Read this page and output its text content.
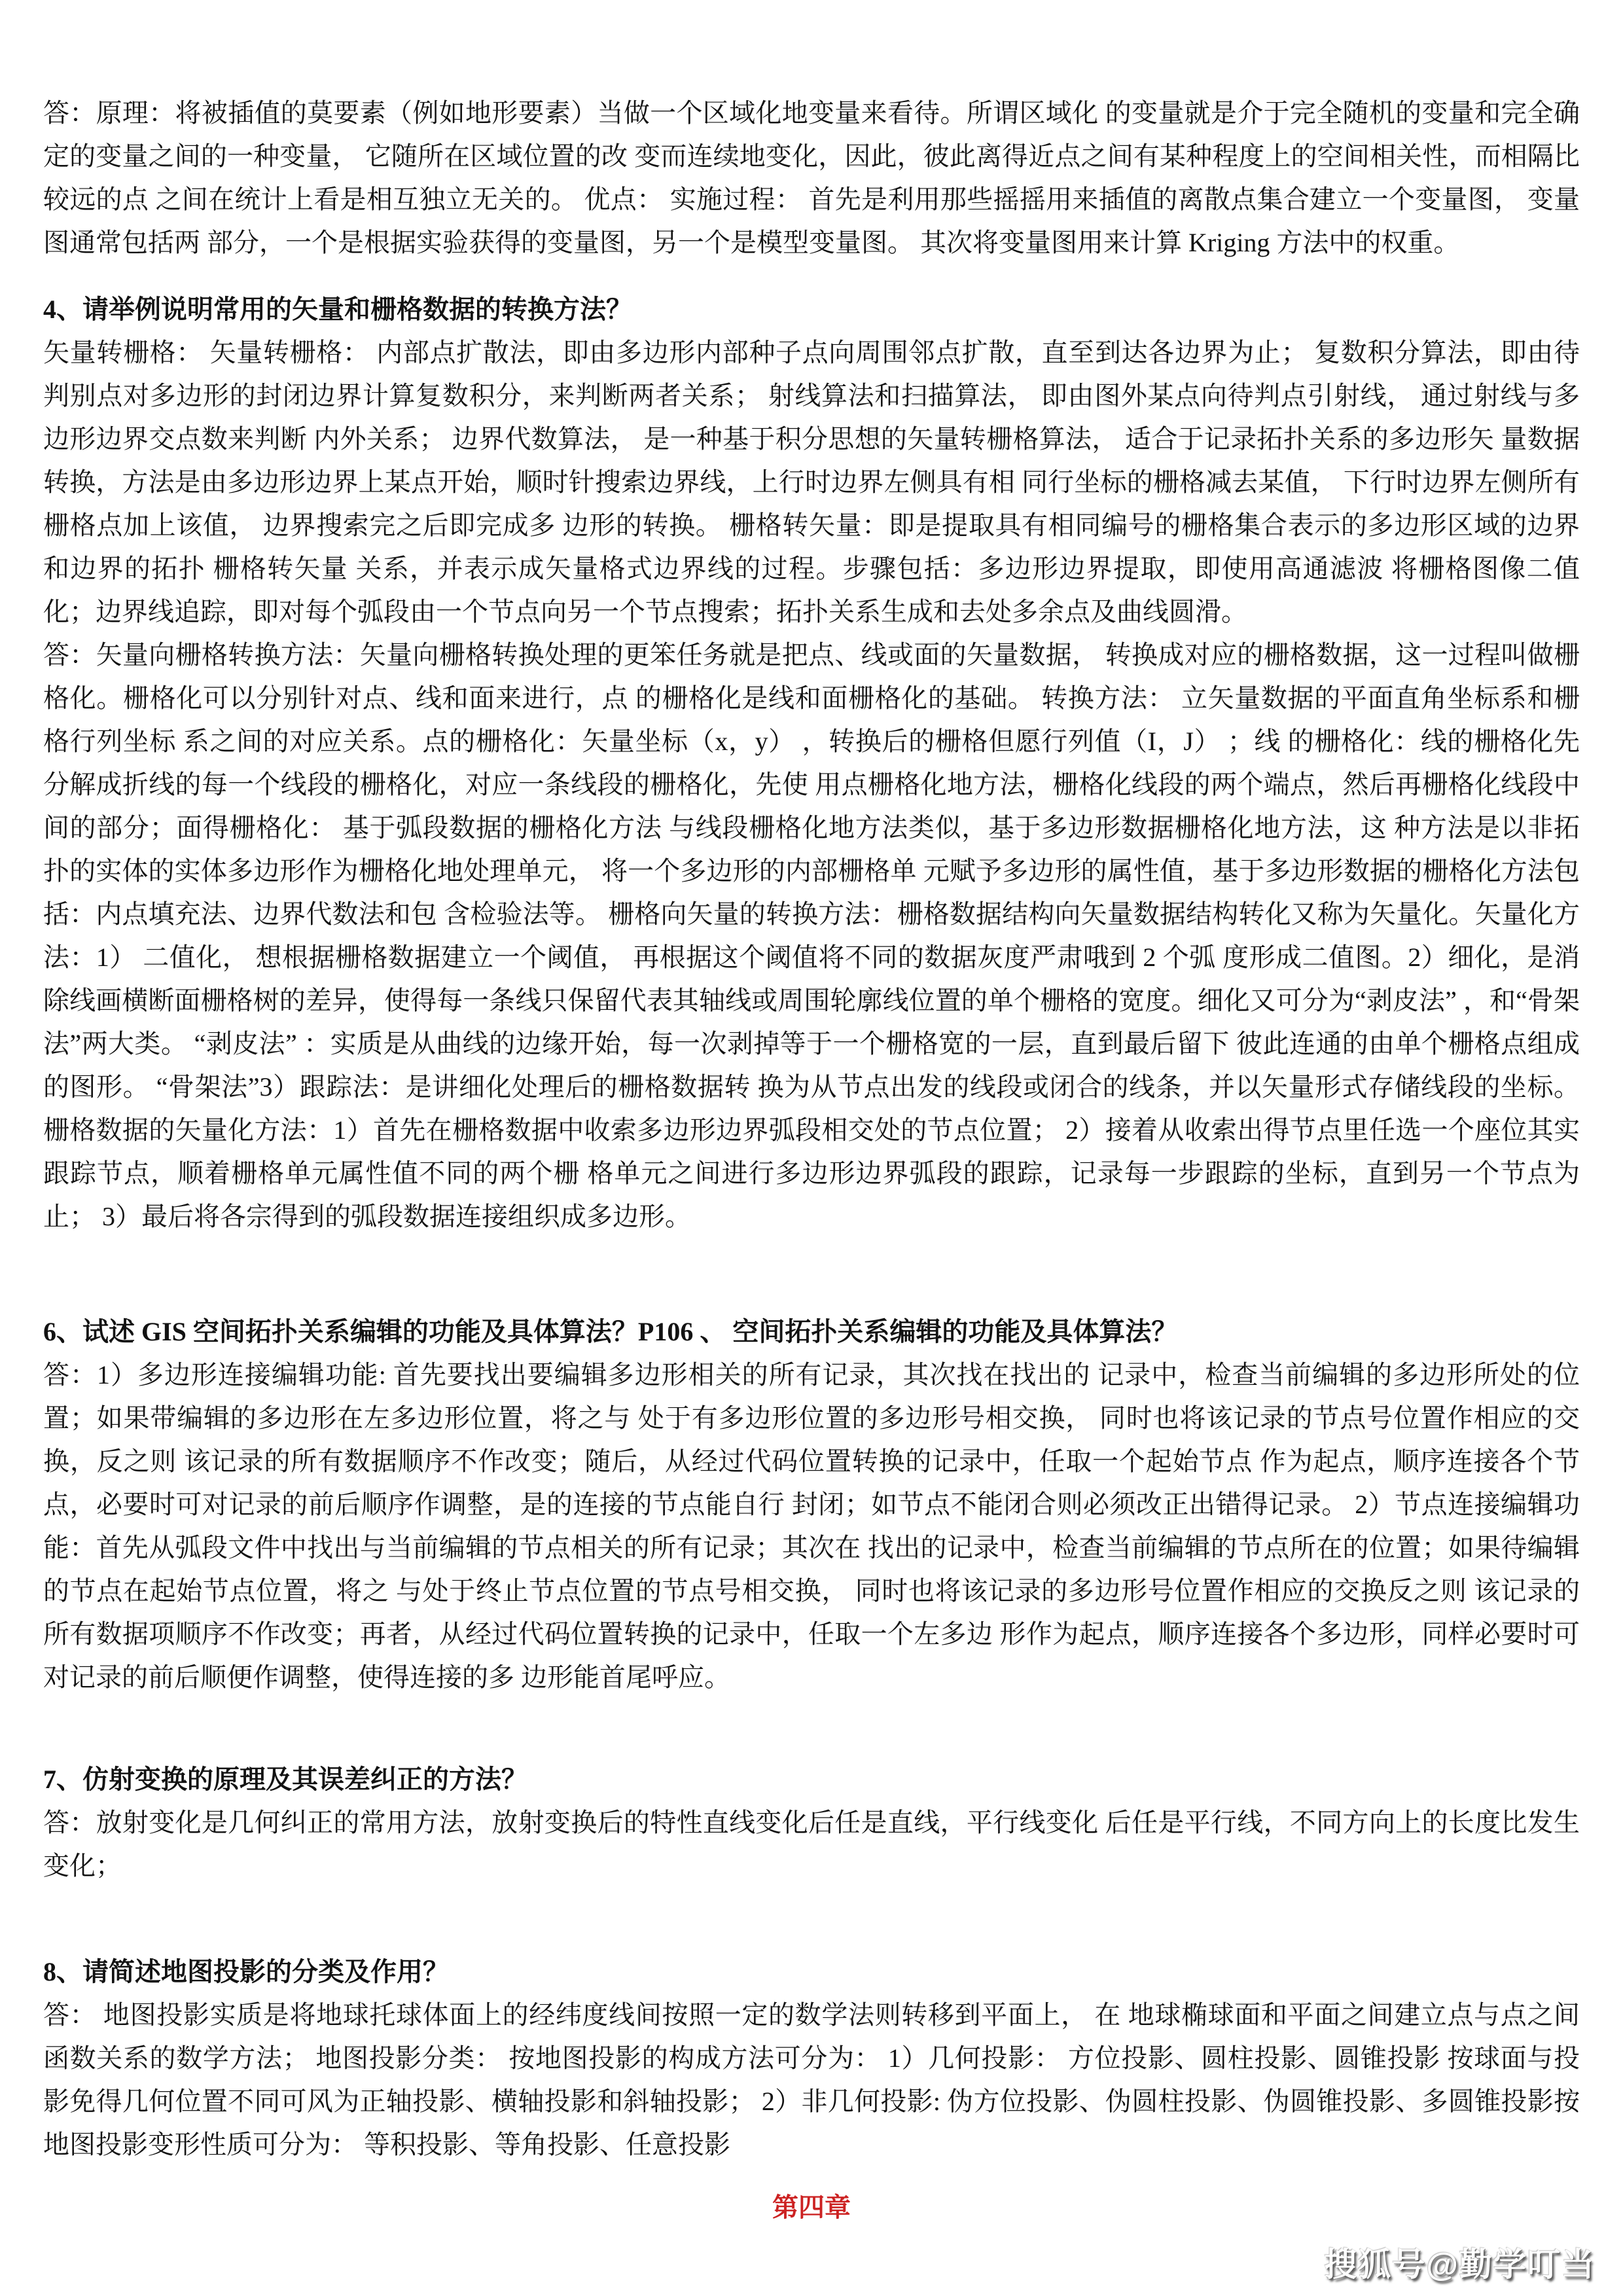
答：原理：将被插值的莫要素（例如地形要素）当做一个区域化地变量来看待。所谓区域化 的变量就是介于完全随机的变量和完全确定的变量之间的一种变量， 它随所在区域位置的改 变而连续地变化，因此，彼此离得近点之间有某种程度上的空间相关性，而相隔比较远的点 之间在统计上看是相互独立无关的。 优点： 实施过程： 首先是利用那些摇摇用来插值的离散点集合建立一个变量图， 变量图通常包括两 部分，一个是根据实验获得的变量图，另一个是模型变量图。 其次将变量图用来计算 Kriging 方法中的权重。

4、请举例说明常用的矢量和栅格数据的转换方法？

矢量转栅格： 矢量转栅格： 内部点扩散法，即由多边形内部种子点向周围邻点扩散，直至到达各边界为止； 复数积分算法，即由待判别点对多边形的封闭边界计算复数积分，来判断两者关系； 射线算法和扫描算法， 即由图外某点向待判点引射线， 通过射线与多边形边界交点数来判断 内外关系； 边界代数算法， 是一种基于积分思想的矢量转栅格算法， 适合于记录拓扑关系的多边形矢 量数据转换，方法是由多边形边界上某点开始，顺时针搜索边界线，上行时边界左侧具有相 同行坐标的栅格减去某值， 下行时边界左侧所有栅格点加上该值， 边界搜索完之后即完成多 边形的转换。 栅格转矢量：即是提取具有相同编号的栅格集合表示的多边形区域的边界和边界的拓扑 栅格转矢量 关系，并表示成矢量格式边界线的过程。步骤包括：多边形边界提取，即使用高通滤波 将栅格图像二值化；边界线追踪，即对每个弧段由一个节点向另一个节点搜索；拓扑关系生成和去处多余点及曲线圆滑。

答：矢量向栅格转换方法：矢量向栅格转换处理的更笨任务就是把点、线或面的矢量数据， 转换成对应的栅格数据，这一过程叫做栅格化。栅格化可以分别针对点、线和面来进行，点 的栅格化是线和面栅格化的基础。 转换方法： 立矢量数据的平面直角坐标系和栅格行列坐标 系之间的对应关系。点的栅格化：矢量坐标（x，y） ，转换后的栅格但愿行列值（I，J） ；线 的栅格化：线的栅格化先分解成折线的每一个线段的栅格化，对应一条线段的栅格化，先使 用点栅格化地方法，栅格化线段的两个端点，然后再栅格化线段中间的部分；面得栅格化： 基于弧段数据的栅格化方法 与线段栅格化地方法类似，基于多边形数据栅格化地方法，这 种方法是以非拓扑的实体的实体多边形作为栅格化地处理单元， 将一个多边形的内部栅格单 元赋予多边形的属性值，基于多边形数据的栅格化方法包括：内点填充法、边界代数法和包 含检验法等。 栅格向矢量的转换方法：栅格数据结构向矢量数据结构转化又称为矢量化。矢量化方法：1） 二值化， 想根据栅格数据建立一个阈值， 再根据这个阈值将不同的数据灰度严肃哦到 2 个弧 度形成二值图。2）细化，是消除线画横断面栅格树的差异，使得每一条线只保留代表其轴线或周围轮廓线位置的单个栅格的宽度。细化又可分为“剥皮法” ，和“骨架法”两大类。 “剥皮法” ：实质是从曲线的边缘开始，每一次剥掉等于一个栅格宽的一层，直到最后留下 彼此连通的由单个栅格点组成的图形。 “骨架法”3）跟踪法：是讲细化处理后的栅格数据转 换为从节点出发的线段或闭合的线条，并以矢量形式存储线段的坐标。 栅格数据的矢量化方法：1）首先在栅格数据中收索多边形边界弧段相交处的节点位置； 2）接着从收索出得节点里任选一个座位其实跟踪节点，顺着栅格单元属性值不同的两个栅 格单元之间进行多边形边界弧段的跟踪，记录每一步跟踪的坐标，直到另一个节点为止； 3）最后将各宗得到的弧段数据连接组织成多边形。

6、试述 GIS 空间拓扑关系编辑的功能及具体算法？P106 、 空间拓扑关系编辑的功能及具体算法？

答：1）多边形连接编辑功能: 首先要找出要编辑多边形相关的所有记录，其次找在找出的 记录中，检查当前编辑的多边形所处的位置；如果带编辑的多边形在左多边形位置，将之与 处于有多边形位置的多边形号相交换， 同时也将该记录的节点号位置作相应的交换，反之则 该记录的所有数据顺序不作改变；随后，从经过代码位置转换的记录中，任取一个起始节点 作为起点，顺序连接各个节点，必要时可对记录的前后顺序作调整，是的连接的节点能自行 封闭；如节点不能闭合则必须改正出错得记录。 2）节点连接编辑功能：首先从弧段文件中找出与当前编辑的节点相关的所有记录；其次在 找出的记录中，检查当前编辑的节点所在的位置；如果待编辑的节点在起始节点位置，将之 与处于终止节点位置的节点号相交换， 同时也将该记录的多边形号位置作相应的交换反之则 该记录的所有数据项顺序不作改变；再者，从经过代码位置转换的记录中，任取一个左多边 形作为起点，顺序连接各个多边形，同样必要时可对记录的前后顺便作调整，使得连接的多 边形能首尾呼应。

7、仿射变换的原理及其误差纠正的方法？

答：放射变化是几何纠正的常用方法，放射变换后的特性直线变化后任是直线，平行线变化 后任是平行线，不同方向上的长度比发生变化；

8、请简述地图投影的分类及作用？

答： 地图投影实质是将地球托球体面上的经纬度线间按照一定的数学法则转移到平面上， 在 地球椭球面和平面之间建立点与点之间函数关系的数学方法； 地图投影分类： 按地图投影的构成方法可分为： 1）几何投影： 方位投影、圆柱投影、圆锥投影 按球面与投影免得几何位置不同可风为正轴投影、横轴投影和斜轴投影； 2）非几何投影: 伪方位投影、伪圆柱投影、伪圆锥投影、多圆锥投影按地图投影变形性质可分为： 等积投影、等角投影、任意投影

第四章

搜狐号@勤学叮当
